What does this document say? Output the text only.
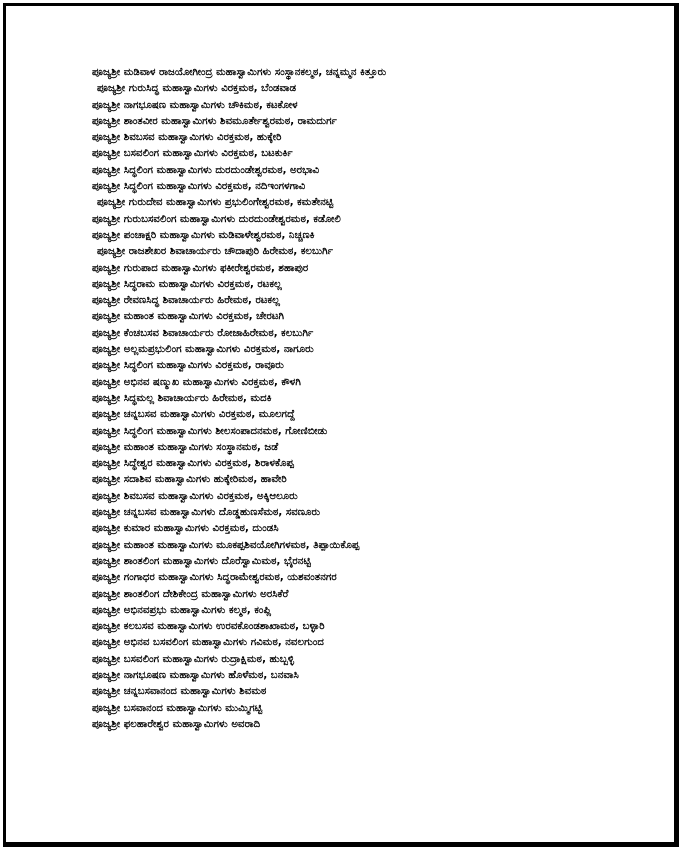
ಪೂಜ್ಯಶ್ರೀ ಮಡಿವಾಳ ರಾಜಯೋಗೀಂದ್ರ ಮಹಾಸ್ವಾಮಿಗಳು ಸಂಸ್ಥಾನಕಲ್ಮಠ, ಚನ್ನಮ್ಮನ ಕಿತ್ತೂರು
ಪೂಜ್ಯಶ್ರೀ ಗುರುಸಿದ್ಧ ಮಹಾಸ್ವಾಮಿಗಳು ವಿರಕ್ತಮಠ, ಬೆಂಡವಾಡ
ಪೂಜ್ಯಶ್ರೀ ನಾಗಭೂಷಣ ಮಹಾಸ್ವಾಮಿಗಳು ಚೌಕಿಮಠ, ಕಟಕೋಳ
ಪೂಜ್ಯಶ್ರೀ ಶಾಂತವೀರ ಮಹಾಸ್ವಾಮಿಗಳು ಶಿವಮೂರ್ತೇಶ್ವರಮಠ, ರಾಮದುರ್ಗ
ಪೂಜ್ಯಶ್ರೀ ಶಿವಬಸವ ಮಹಾಸ್ವಾಮಿಗಳು ವಿರಕ್ತಮಠ, ಹುಕ್ಕೇರಿ
ಪೂಜ್ಯಶ್ರೀ ಬಸವಲಿಂಗ ಮಹಾಸ್ವಾಮಿಗಳು ವಿರಕ್ತಮಠ, ಬಟಕುರ್ಕಿ
ಪೂಜ್ಯಶ್ರೀ ಸಿದ್ಧಲಿಂಗ ಮಹಾಸ್ವಾಮಿಗಳು ದುರದುಂಡೇಶ್ವರಮಠ, ಅರಭಾವಿ
ಪೂಜ್ಯಶ್ರೀ ಸಿದ್ಧಲಿಂಗ ಮಹಾಸ್ವಾಮಿಗಳು ವಿರಕ್ತಮಠ, ನದಿಇಂಗಳಗಾವಿ
ಪೂಜ್ಯಶ್ರೀ ಗುರುದೇವ ಮಹಾಸ್ವಾಮಿಗಳು ಪ್ರಭುಲಿಂಗೇಶ್ವರಮಠ, ಕಮತೇನಟ್ಟಿ
ಪೂಜ್ಯಶ್ರೀ ಗುರುಬಸವಲಿಂಗ ಮಹಾಸ್ವಾಮಿಗಳು ದುರದುಂಡೇಶ್ವರಮಠ, ಕಡೋಲಿ
ಪೂಜ್ಯಶ್ರೀ ಪಂಚಾಕ್ಷರಿ ಮಹಾಸ್ವಾಮಿಗಳು ಮಡಿವಾಳೇಶ್ವರಮಠ, ನಿಚ್ಚಣಕಿ
ಪೂಜ್ಯಶ್ರೀ ರಾಜಶೇಖರ ಶಿವಾಚಾರ್ಯರು ಚೌದಾಪುರಿ ಹಿರೇಮಠ, ಕಲಬುರ್ಗಿ
ಪೂಜ್ಯಶ್ರೀ ಗುರುಪಾದ ಮಹಾಸ್ವಾಮಿಗಳು ಫಕೀರೇಶ್ವರಮಠ, ಶಹಾಪುರ
ಪೂಜ್ಯಶ್ರೀ ಸಿದ್ಧರಾಮ ಮಹಾಸ್ವಾಮಿಗಳು ವಿರಕ್ತಮಠ, ರಟಕಲ್ಲ
ಪೂಜ್ಯಶ್ರೀ ರೇವಣಸಿದ್ಧ ಶಿವಾಚಾರ್ಯರು ಹಿರೇಮಠ, ರಟಕಲ್ಲ
ಪೂಜ್ಯಶ್ರೀ ಮಹಾಂತ ಮಹಾಸ್ವಾಮಿಗಳು ವಿರಕ್ತಮಠ, ಚೇರಟಗಿ
ಪೂಜ್ಯಶ್ರೀ ಕೆಂಚಬಸವ ಶಿವಾಚಾರ್ಯರು ರೋಜಾಹಿರೇಮಠ, ಕಲಬುರ್ಗಿ
ಪೂಜ್ಯಶ್ರೀ ಅಲ್ಲಮಪ್ರಭುಲಿಂಗ ಮಹಾಸ್ವಾಮಿಗಳು ವಿರಕ್ತಮಠ, ನಾಗೂರು
ಪೂಜ್ಯಶ್ರೀ ಸಿದ್ಧಲಿಂಗ ಮಹಾಸ್ವಾಮಿಗಳು ವಿರಕ್ತಮಠ, ರಾವೂರು
ಪೂಜ್ಯಶ್ರೀ ಅಭಿನವ ಷಣ್ಮುಖ ಮಹಾಸ್ವಾಮಿಗಳು ವಿರಕ್ತಮಠ, ಕೌಳಗಿ
ಪೂಜ್ಯಶ್ರೀ ಸಿದ್ಧಮಲ್ಲ ಶಿವಾಚಾರ್ಯರು ಹಿರೇಮಠ, ಮದಕಿ
ಪೂಜ್ಯಶ್ರೀ ಚನ್ನಬಸವ ಮಹಾಸ್ವಾಮಿಗಳು ವಿರಕ್ತಮಠ, ಮೂಲಗದ್ದೆ
ಪೂಜ್ಯಶ್ರೀ ಸಿದ್ಧಲಿಂಗ ಮಹಾಸ್ವಾಮಿಗಳು ಶೀಲಸಂಪಾದನಮಠ, ಗೋಣಿಬೀಡು
ಪೂಜ್ಯಶ್ರೀ ಮಹಾಂತ ಮಹಾಸ್ವಾಮಿಗಳು ಸಂಸ್ಥಾನಮಠ, ಜಡೆ
ಪೂಜ್ಯಶ್ರೀ ಸಿದ್ಧೇಶ್ವರ ಮಹಾಸ್ವಾಮಿಗಳು ವಿರಕ್ತಮಠ, ಶಿರಾಳಕೊಪ್ಪ
ಪೂಜ್ಯಶ್ರೀ ಸದಾಶಿವ ಮಹಾಸ್ವಾಮಿಗಳು ಹುಕ್ಕೇರಿಮಠ, ಹಾವೇರಿ
ಪೂಜ್ಯಶ್ರೀ ಶಿವಬಸವ ಮಹಾಸ್ವಾಮಿಗಳು ವಿರಕ್ತಮಠ, ಅಕ್ಕಿಆಲೂರು
ಪೂಜ್ಯಶ್ರೀ ಚನ್ನಬಸವ ಮಹಾಸ್ವಾಮಿಗಳು ದೊಡ್ಡಹುಣಸೆಮಠ, ಸವಣೂರು
ಪೂಜ್ಯಶ್ರೀ ಕುಮಾರ ಮಹಾಸ್ವಾಮಿಗಳು ವಿರಕ್ತಮಠ, ದುಂಡಸಿ
ಪೂಜ್ಯಶ್ರೀ ಮಹಾಂತ ಮಹಾಸ್ವಾಮಿಗಳು ಮೂಕಪ್ಪಶಿವಯೋಗಿಗಳಮಠ, ತಿಪ್ಪಾಯಿಕೊಪ್ಪ
ಪೂಜ್ಯಶ್ರೀ ಶಾಂತಲಿಂಗ ಮಹಾಸ್ವಾಮಿಗಳು ದೊರೆಸ್ವಾಮಿಮಠ, ಭೈರನಟ್ಟಿ
ಪೂಜ್ಯಶ್ರೀ ಗಂಗಾಧರ ಮಹಾಸ್ವಾಮಿಗಳು ಸಿದ್ಧರಾಮೇಶ್ವರಮಠ, ಯಶವಂತನಗರ
ಪೂಜ್ಯಶ್ರೀ ಶಾಂತಲಿಂಗ ದೇಶಿಕೇಂದ್ರ ಮಹಾಸ್ವಾಮಿಗಳು ಅರಸಿಕೆರೆ
ಪೂಜ್ಯಶ್ರೀ ಅಭಿನವಪ್ರಭು ಮಹಾಸ್ವಾಮಿಗಳು ಕಲ್ಮಠ, ಕಂಪ್ಲಿ
ಪೂಜ್ಯಶ್ರೀ ಕಲಬಸವ ಮಹಾಸ್ವಾಮಿಗಳು ಉರವಕೊಂಡಶಾಖಾಮಠ, ಬಳ್ಳಾರಿ
ಪೂಜ್ಯಶ್ರೀ ಅಭಿನವ ಬಸವಲಿಂಗ ಮಹಾಸ್ವಾಮಿಗಳು ಗವಿಮಠ, ನವಲಗುಂದ
ಪೂಜ್ಯಶ್ರೀ ಬಸವಲಿಂಗ ಮಹಾಸ್ವಾಮಿಗಳು ರುದ್ರಾಕ್ಷಿಮಠ, ಹುಬ್ಬಳ್ಳಿ
ಪೂಜ್ಯಶ್ರೀ ನಾಗಭೂಷಣ ಮಹಾಸ್ವಾಮಿಗಳು ಹೊಳೆಮಠ, ಬನವಾಸಿ
ಪೂಜ್ಯಶ್ರೀ ಚನ್ನಬಸವಾನಂದ ಮಹಾಸ್ವಾಮಿಗಳು ಶಿವಮಠ
ಪೂಜ್ಯಶ್ರೀ ಬಸವಾನಂದ ಮಹಾಸ್ವಾಮಿಗಳು ಮುಮ್ಮಿಗಟ್ಟಿ
ಪೂಜ್ಯಶ್ರೀ ಫಲಹಾರೇಶ್ವರ ಮಹಾಸ್ವಾಮಿಗಳು ಅವರಾದಿ
